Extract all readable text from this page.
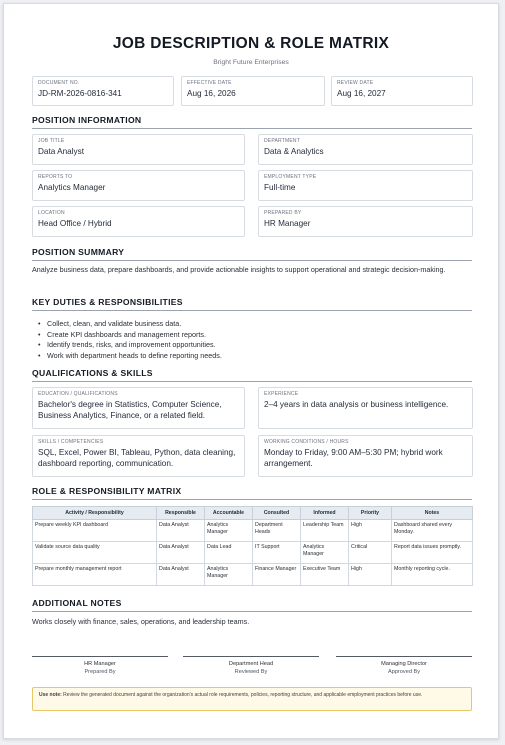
JOB DESCRIPTION & ROLE MATRIX
Bright Future Enterprises
DOCUMENT NO.
JD-RM-2026-0816-341
EFFECTIVE DATE
Aug 16, 2026
REVIEW DATE
Aug 16, 2027
POSITION INFORMATION
JOB TITLE
Data Analyst
DEPARTMENT
Data & Analytics
REPORTS TO
Analytics Manager
EMPLOYMENT TYPE
Full-time
LOCATION
Head Office / Hybrid
PREPARED BY
HR Manager
POSITION SUMMARY
Analyze business data, prepare dashboards, and provide actionable insights to support operational and strategic decision-making.
KEY DUTIES & RESPONSIBILITIES
• Collect, clean, and validate business data.
• Create KPI dashboards and management reports.
• Identify trends, risks, and improvement opportunities.
• Work with department heads to define reporting needs.
QUALIFICATIONS & SKILLS
EDUCATION / QUALIFICATIONS
Bachelor's degree in Statistics, Computer Science, Business Analytics, Finance, or a related field.
EXPERIENCE
2–4 years in data analysis or business intelligence.
SKILLS / COMPETENCIES
SQL, Excel, Power BI, Tableau, Python, data cleaning, dashboard reporting, communication.
WORKING CONDITIONS / HOURS
Monday to Friday, 9:00 AM–5:30 PM; hybrid work arrangement.
ROLE & RESPONSIBILITY MATRIX
Activity / Responsibility	Responsible	Accountable	Consulted	Informed	Priority	Notes
Prepare weekly KPI dashboard	Data Analyst	Analytics Manager	Department Heads	Leadership Team	High	Dashboard shared every Monday.
Validate source data quality	Data Analyst	Data Lead	IT Support	Analytics Manager	Critical	Report data issues promptly.
Prepare monthly management report	Data Analyst	Analytics Manager	Finance Manager	Executive Team	High	Monthly reporting cycle.
ADDITIONAL NOTES
Works closely with finance, sales, operations, and leadership teams.
HR Manager
Prepared By
Department Head
Reviewed By
Managing Director
Approved By
Use note: Review the generated document against the organization's actual role requirements, policies, reporting structure, and applicable employment practices before use.
